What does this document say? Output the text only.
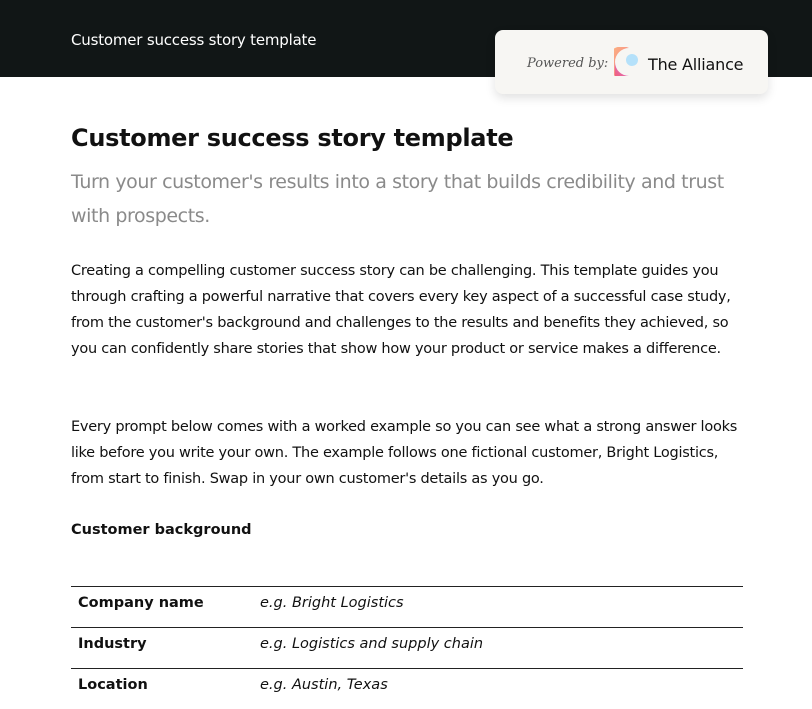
Customer success story template
Powered by: The Alliance
Customer success story template

Turn your customer's results into a story that builds credibility and trust with prospects.

Creating a compelling customer success story can be challenging. This template guides you through crafting a powerful narrative that covers every key aspect of a successful case study, from the customer's background and challenges to the results and benefits they achieved, so you can confidently share stories that show how your product or service makes a difference.

Every prompt below comes with a worked example so you can see what a strong answer looks like before you write your own. The example follows one fictional customer, Bright Logistics, from start to finish. Swap in your own customer's details as you go.

Customer background
Company name	e.g. Bright Logistics
Industry	e.g. Logistics and supply chain
Location	e.g. Austin, Texas
